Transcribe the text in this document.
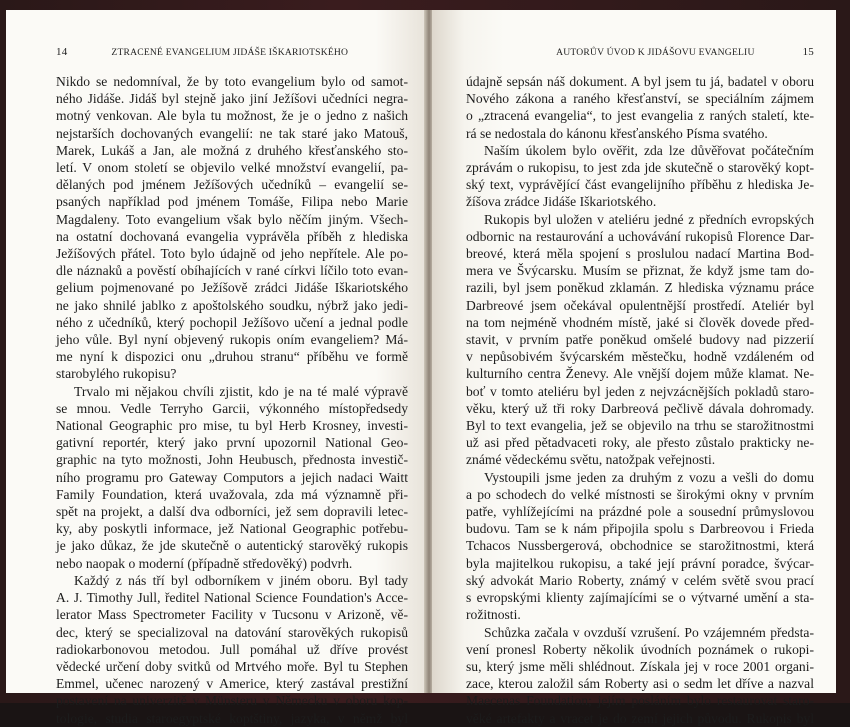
14	ZTRACENÉ EVANGELIUM JIDÁŠE IŠKARIOTSKÉHO
Nikdo se nedomníval, že by toto evangelium bylo od samot-
ného Jidáše. Jidáš byl stejně jako jiní Ježíšovi učedníci negra-
motný venkovan. Ale byla tu možnost, že je o jedno z našich
nejstarších dochovaných evangelií: ne tak staré jako Matouš,
Marek, Lukáš a Jan, ale možná z druhého křesťanského sto-
letí. V onom století se objevilo velké množství evangelií, pa-
dělaných pod jménem Ježíšových učedníků – evangelií se-
psaných například pod jménem Tomáše, Filipa nebo Marie
Magdaleny. Toto evangelium však bylo něčím jiným. Všech-
na ostatní dochovaná evangelia vyprávěla příběh z hlediska
Ježíšových přátel. Toto bylo údajně od jeho nepřítele. Ale po-
dle náznaků a pověstí obíhajících v rané církvi líčilo toto evan-
gelium pojmenované po Ježíšově zrádci Jidáše Iškariotského
ne jako shnilé jablko z apoštolského soudku, nýbrž jako jedi-
ného z učedníků, který pochopil Ježíšovo učení a jednal podle
jeho vůle. Byl nyní objevený rukopis oním evangeliem? Má-
me nyní k dispozici onu „druhou stranu“ příběhu ve formě
starobylého rukopisu?
Trvalo mi nějakou chvíli zjistit, kdo je na té malé výpravě
se mnou. Vedle Terryho Garcii, výkonného místopředsedy
National Geographic pro mise, tu byl Herb Krosney, investi-
gativní reportér, který jako první upozornil National Geo-
graphic na tyto možnosti, John Heubusch, přednosta investič-
ního programu pro Gateway Computors a jejich nadaci Waitt
Family Foundation, která uvažovala, zda má významně při-
spět na projekt, a další dva odborníci, jež sem dopravili letec-
ky, aby poskytli informace, jež National Geographic potřebu-
je jako důkaz, že jde skutečně o autentický starověký rukopis
nebo naopak o moderní (případně středověký) podvrh.
Každý z nás tří byl odborníkem v jiném oboru. Byl tady
A. J. Timothy Jull, ředitel National Science Foundation's Acce-
lerator Mass Spectrometer Facility v Tucsonu v Arizoně, vě-
dec, který se specializoval na datování starověkých rukopisů
radiokarbonovou metodou. Jull pomáhal už dříve provést
vědecké určení doby svitků od Mrtvého moře. Byl tu Stephen
Emmel, učenec narozený v Americe, který zastával prestižní
postavení na univerzitě v Münsteru v Německu v oboru kop-
tologie, studia staroegyptské koptštiny, jazyka, v němž byl
AUTORŮV ÚVOD K JIDÁŠOVU EVANGELIU	15
údajně sepsán náš dokument. A byl jsem tu já, badatel v oboru
Nového zákona a raného křesťanství, se speciálním zájmem
o „ztracená evangelia“, to jest evangelia z raných staletí, kte-
rá se nedostala do kánonu křesťanského Písma svatého.
Naším úkolem bylo ověřit, zda lze důvěřovat počátečním
zprávám o rukopisu, to jest zda jde skutečně o starověký kopt-
ský text, vyprávějící část evangelijního příběhu z hlediska Je-
žíšova zrádce Jidáše Iškariotského.
Rukopis byl uložen v ateliéru jedné z předních evropských
odbornic na restaurování a uchovávání rukopisů Florence Dar-
breové, která měla spojení s proslulou nadací Martina Bod-
mera ve Švýcarsku. Musím se přiznat, že když jsme tam do-
razili, byl jsem poněkud zklamán. Z hlediska významu práce
Darbreové jsem očekával opulentnější prostředí. Ateliér byl
na tom nejméně vhodném místě, jaké si člověk dovede před-
stavit, v prvním patře poněkud omšelé budovy nad pizzerií
v nepůsobivém švýcarském městečku, hodně vzdáleném od
kulturního centra Ženevy. Ale vnější dojem může klamat. Ne-
boť v tomto ateliéru byl jeden z nejvzácnějších pokladů staro-
věku, který už tři roky Darbreová pečlivě dávala dohromady.
Byl to text evangelia, jež se objevilo na trhu se starožitnostmi
už asi před pětadvaceti roky, ale přesto zůstalo prakticky ne-
známé vědeckému světu, natožpak veřejnosti.
Vystoupili jsme jeden za druhým z vozu a vešli do domu
a po schodech do velké místnosti se širokými okny v prvním
patře, vyhlížejícími na prázdné pole a sousední průmyslovou
budovu. Tam se k nám připojila spolu s Darbreovou i Frieda
Tchacos Nussbergerová, obchodnice se starožitnostmi, která
byla majitelkou rukopisu, a také její právní poradce, švýcar-
ský advokát Mario Roberty, známý v celém světě svou prací
s evropskými klienty zajímajícími se o výtvarné umění a sta-
rožitnosti.
Schůzka začala v ovzduší vzrušení. Po vzájemném předsta-
vení pronesl Roberty několik úvodních poznámek o rukopi-
su, který jsme měli shlédnout. Získala jej v roce 2001 organi-
zace, kterou založil sám Roberty asi o sedm let dříve a nazval
Maecenas Foundation; jejím posláním bylo restaurovat staro-
věké artefakty a vracet je do zemí jejich původu. Rukopis byl
